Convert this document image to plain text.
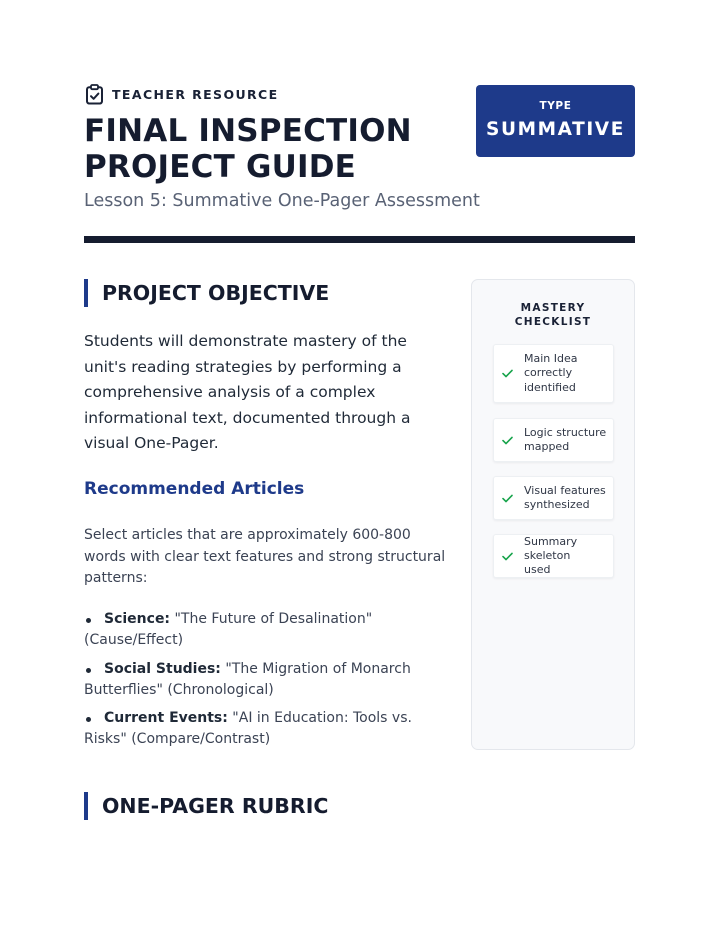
TEACHER RESOURCE
FINAL INSPECTION PROJECT GUIDE
Lesson 5: Summative One-Pager Assessment
TYPE
SUMMATIVE
PROJECT OBJECTIVE

Students will demonstrate mastery of the unit's reading strategies by performing a comprehensive analysis of a complex informational text, documented through a visual One-Pager.

Recommended Articles

Select articles that are approximately 600-800 words with clear text features and strong structural patterns:

Science: "The Future of Desalination" (Cause/Effect)
Social Studies: "The Migration of Monarch Butterflies" (Chronological)
Current Events: "AI in Education: Tools vs. Risks" (Compare/Contrast)
MASTERY CHECKLIST
Main Idea correctly identified
Logic structure mapped
Visual features synthesized
Summary skeleton used
ONE-PAGER RUBRIC
